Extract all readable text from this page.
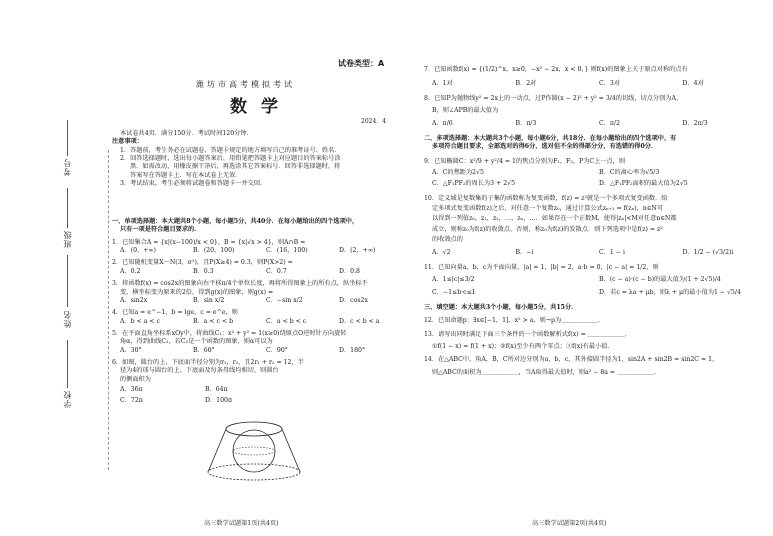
学校
姓名
班级
考号
试卷类型：A
潍坊市高考模拟考试
数学
2024．4

本试卷共4页．满分150分．考试时间120分钟．

注意事项：

1．答题前，考生务必在试题卷、答题卡规定的地方填写自己的准考证号、姓名．

2．回答选择题时，选出每小题答案后，用铅笔把答题卡上对应题目的答案标号涂

黑．如需改动，用橡皮擦干净后，再选涂其它答案标号．回答非选择题时，将

答案写在答题卡上．写在本试卷上无效．

3．考试结束，考生必须将试题卷和答题卡一并交回．

一、单项选择题：本大题共8个小题，每小题5分，共40分．在每小题给出的四个选项中，

只有一项是符合题目要求的．

1．已知集合A = {x|(x−100)/x < 0}，B = {x|√x > 4}，则A∩B =

A．(0，+∞)	B．(20，100)	C．(16，100)	D．(2，+∞)

2．已知随机变量X～N(3，σ²)，且P(X≥4) = 0.3，则P(X>2) =

A．0.2	B．0.3	C．0.7	D．0.8

3．将函数f(x) = cos2x的图象向右平移π/4个单位长度，再将所得图象上的所有点，纵坐标不

变，横坐标变为原来的2倍，得到g(x)的图象，则g(x) =

A．sin2x	B．sin x/2	C．−sin x/2	D．cos2x

4．已知a = e^−1，b = lge，c = e^e，则

A．b < a < c	B．a < c < b	C．a < b < c	D．c < b < a

5．在平面直角坐标系xOy中，将曲线C₁：x² + y² = 1(x≥0)绕原点O逆时针方向旋转

角α，得到曲线C₂，若C₂是一个函数的图象，则α可以为

A．30°	B．60°	C．90°	D．180°

6．如图，圆台的上、下底面半径分别为r₁，r₂，且2r₁ + r₂ = 12，半

径为4的球与圆台的上、下底面及每条母线均相切，则圆台

的侧面积为

A．36π	B．64π
C．72π	D．100π
高三数学试题第1页(共4页)

7．已知函数f(x) = {(1/2)^x，x≥0，−x² − 2x，x < 0，} 则f(x)的图象上关于原点对称的点有

A．1对	B．2对	C．3对	D．4对

8．已知P为抛物线y² = 2x上的一动点，过P作圆(x − 2)² + y² = 3/4的切线，切点分别为A，

B，则∠APB的最大值为

A．π/6	B．π/3	C．π/2	D．2π/3

二、多项选择题：本大题共3个小题，每小题6分，共18分．在每小题给出的四个选项中，有

多项符合题目要求，全部选对的得6分，选对但不全的得部分分，有选错的得0分．

9．已知椭圆C：x²/9 + y²/4 = 1的焦点分别为F₁，F₂，P为C上一点，则

A．C的焦距为2√5	B．C的离心率为√5/3
C．△F₁PF₂的周长为3 + 2√5	D．△F₁PF₂面积的最大值为2√5

10．定义域是复数集的子集的函数称为复变函数，f(z) = z²就是一个多项式复变函数．给

定多项式复变函数f(z)之后，对任意一个复数z₀，通过计算公式zₙ₊₁ = f(zₙ)，n∈N可

以得到一列值z₀，z₁，z₂，…，zₙ，…．如果存在一个正数M，使得|zₙ|<M对任意n∈N都

成立，则称z₀为f(z)的收敛点，否则，称z₀为f(z)的发散点．则下列选项中是f(z) = z²

的收敛点的

A．√2	B．−i	C．1 − i	D．1/2 − (√3/2)i

11．已知向量a，b，c为平面向量，|a| = 1，|b| = 2，a·b = 0，|c − a| = 1/2，则

A．1≤|c|≤3/2	B．(c − a)·(c − b)的最大值为(1 + 2√5)/4
C．−1≤b·c≤1	D．若c = λa + μb，则λ + μ的最小值为1 − √5/4

三、填空题：本大题共3个小题，每小题5分，共15分．

12．已知命题p：∃x∈[−1，1]，x² > a，则¬p为＿＿＿＿＿＿．

13．请写出同时满足下面三个条件的一个函数解析式f(x) = ＿＿＿＿＿＿．

①f(1 − x) = f(1 + x)；②f(x)至少有两个零点；③f(x)有最小值．

14．在△ABC中，角A，B，C所对边分别为a，b，c，其外接圆半径为1，sin2A + sin2B = sin2C = 1，

则△ABC的面积为＿＿＿＿＿＿，当A取得最大值时，则a² − 8a = ＿＿＿＿＿＿．

高三数学试题第2页(共4页)
